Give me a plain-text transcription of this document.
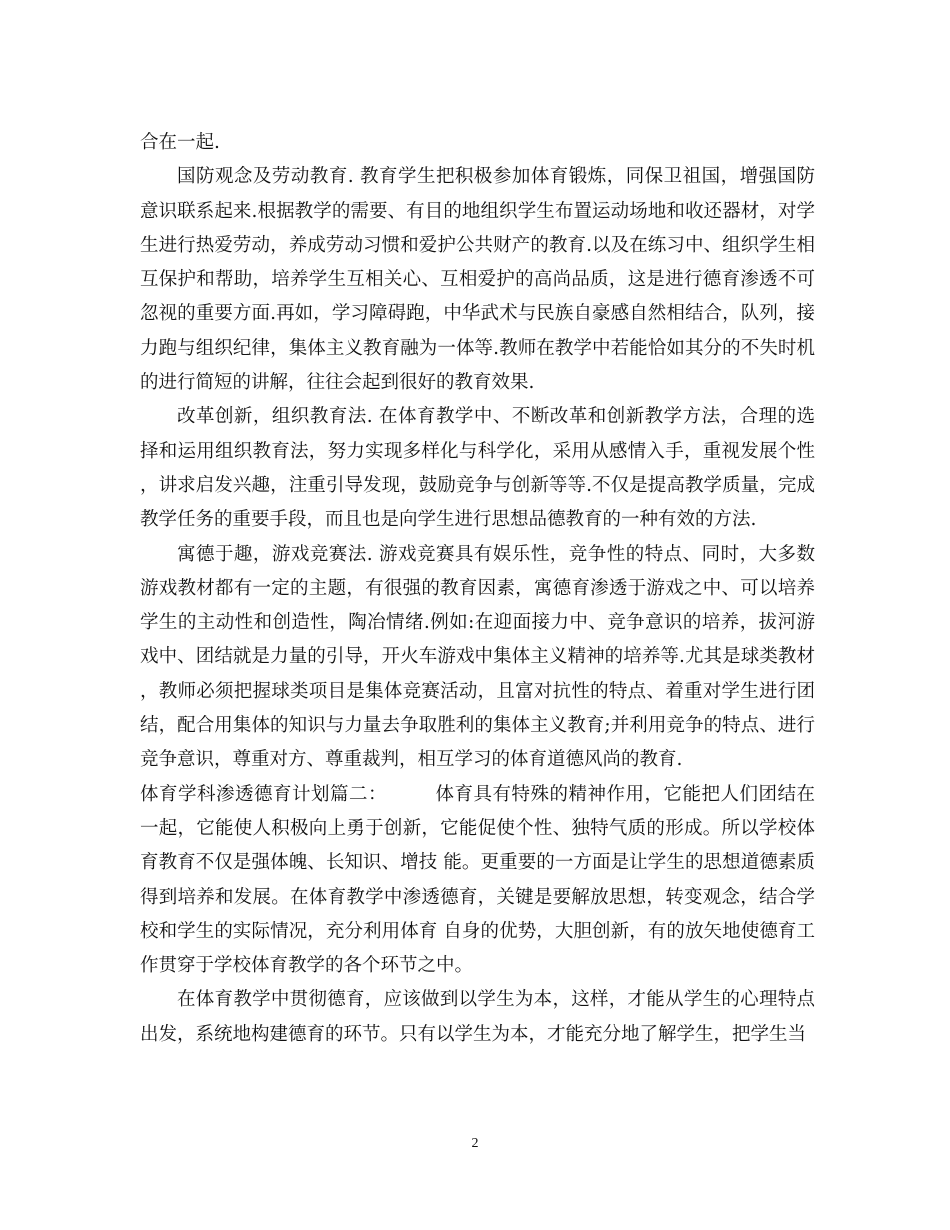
合在一起.

国防观念及劳动教育. 教育学生把积极参加体育锻炼，同保卫祖国，增强国防意识联系起来.根据教学的需要、有目的地组织学生布置运动场地和收还器材，对学生进行热爱劳动，养成劳动习惯和爱护公共财产的教育.以及在练习中、组织学生相互保护和帮助，培养学生互相关心、互相爱护的高尚品质，这是进行德育渗透不可忽视的重要方面.再如，学习障碍跑，中华武术与民族自豪感自然相结合，队列，接力跑与组织纪律，集体主义教育融为一体等.教师在教学中若能恰如其分的不失时机的进行简短的讲解，往往会起到很好的教育效果.

改革创新，组织教育法. 在体育教学中、不断改革和创新教学方法，合理的选择和运用组织教育法，努力实现多样化与科学化，采用从感情入手，重视发展个性，讲求启发兴趣，注重引导发现，鼓励竞争与创新等等.不仅是提高教学质量，完成教学任务的重要手段，而且也是向学生进行思想品德教育的一种有效的方法.

寓德于趣，游戏竞赛法. 游戏竞赛具有娱乐性，竞争性的特点、同时，大多数游戏教材都有一定的主题，有很强的教育因素，寓德育渗透于游戏之中、可以培养学生的主动性和创造性，陶冶情绪.例如:在迎面接力中、竞争意识的培养，拔河游戏中、团结就是力量的引导，开火车游戏中集体主义精神的培养等.尤其是球类教材，教师必须把握球类项目是集体竞赛活动，且富对抗性的特点、着重对学生进行团结，配合用集体的知识与力量去争取胜利的集体主义教育;并利用竞争的特点、进行竞争意识，尊重对方、尊重裁判，相互学习的体育道德风尚的教育.

体育学科渗透德育计划篇二：	体育具有特殊的精神作用，它能把人们团结在一起，它能使人积极向上勇于创新，它能促使个性、独特气质的形成。所以学校体育教育不仅是强体魄、长知识、增技 能。更重要的一方面是让学生的思想道德素质得到培养和发展。在体育教学中渗透德育，关键是要解放思想，转变观念，结合学校和学生的实际情况，充分利用体育 自身的优势，大胆创新，有的放矢地使德育工作贯穿于学校体育教学的各个环节之中。

在体育教学中贯彻德育，应该做到以学生为本，这样，才能从学生的心理特点出发，系统地构建德育的环节。只有以学生为本，才能充分地了解学生，把学生当

2
